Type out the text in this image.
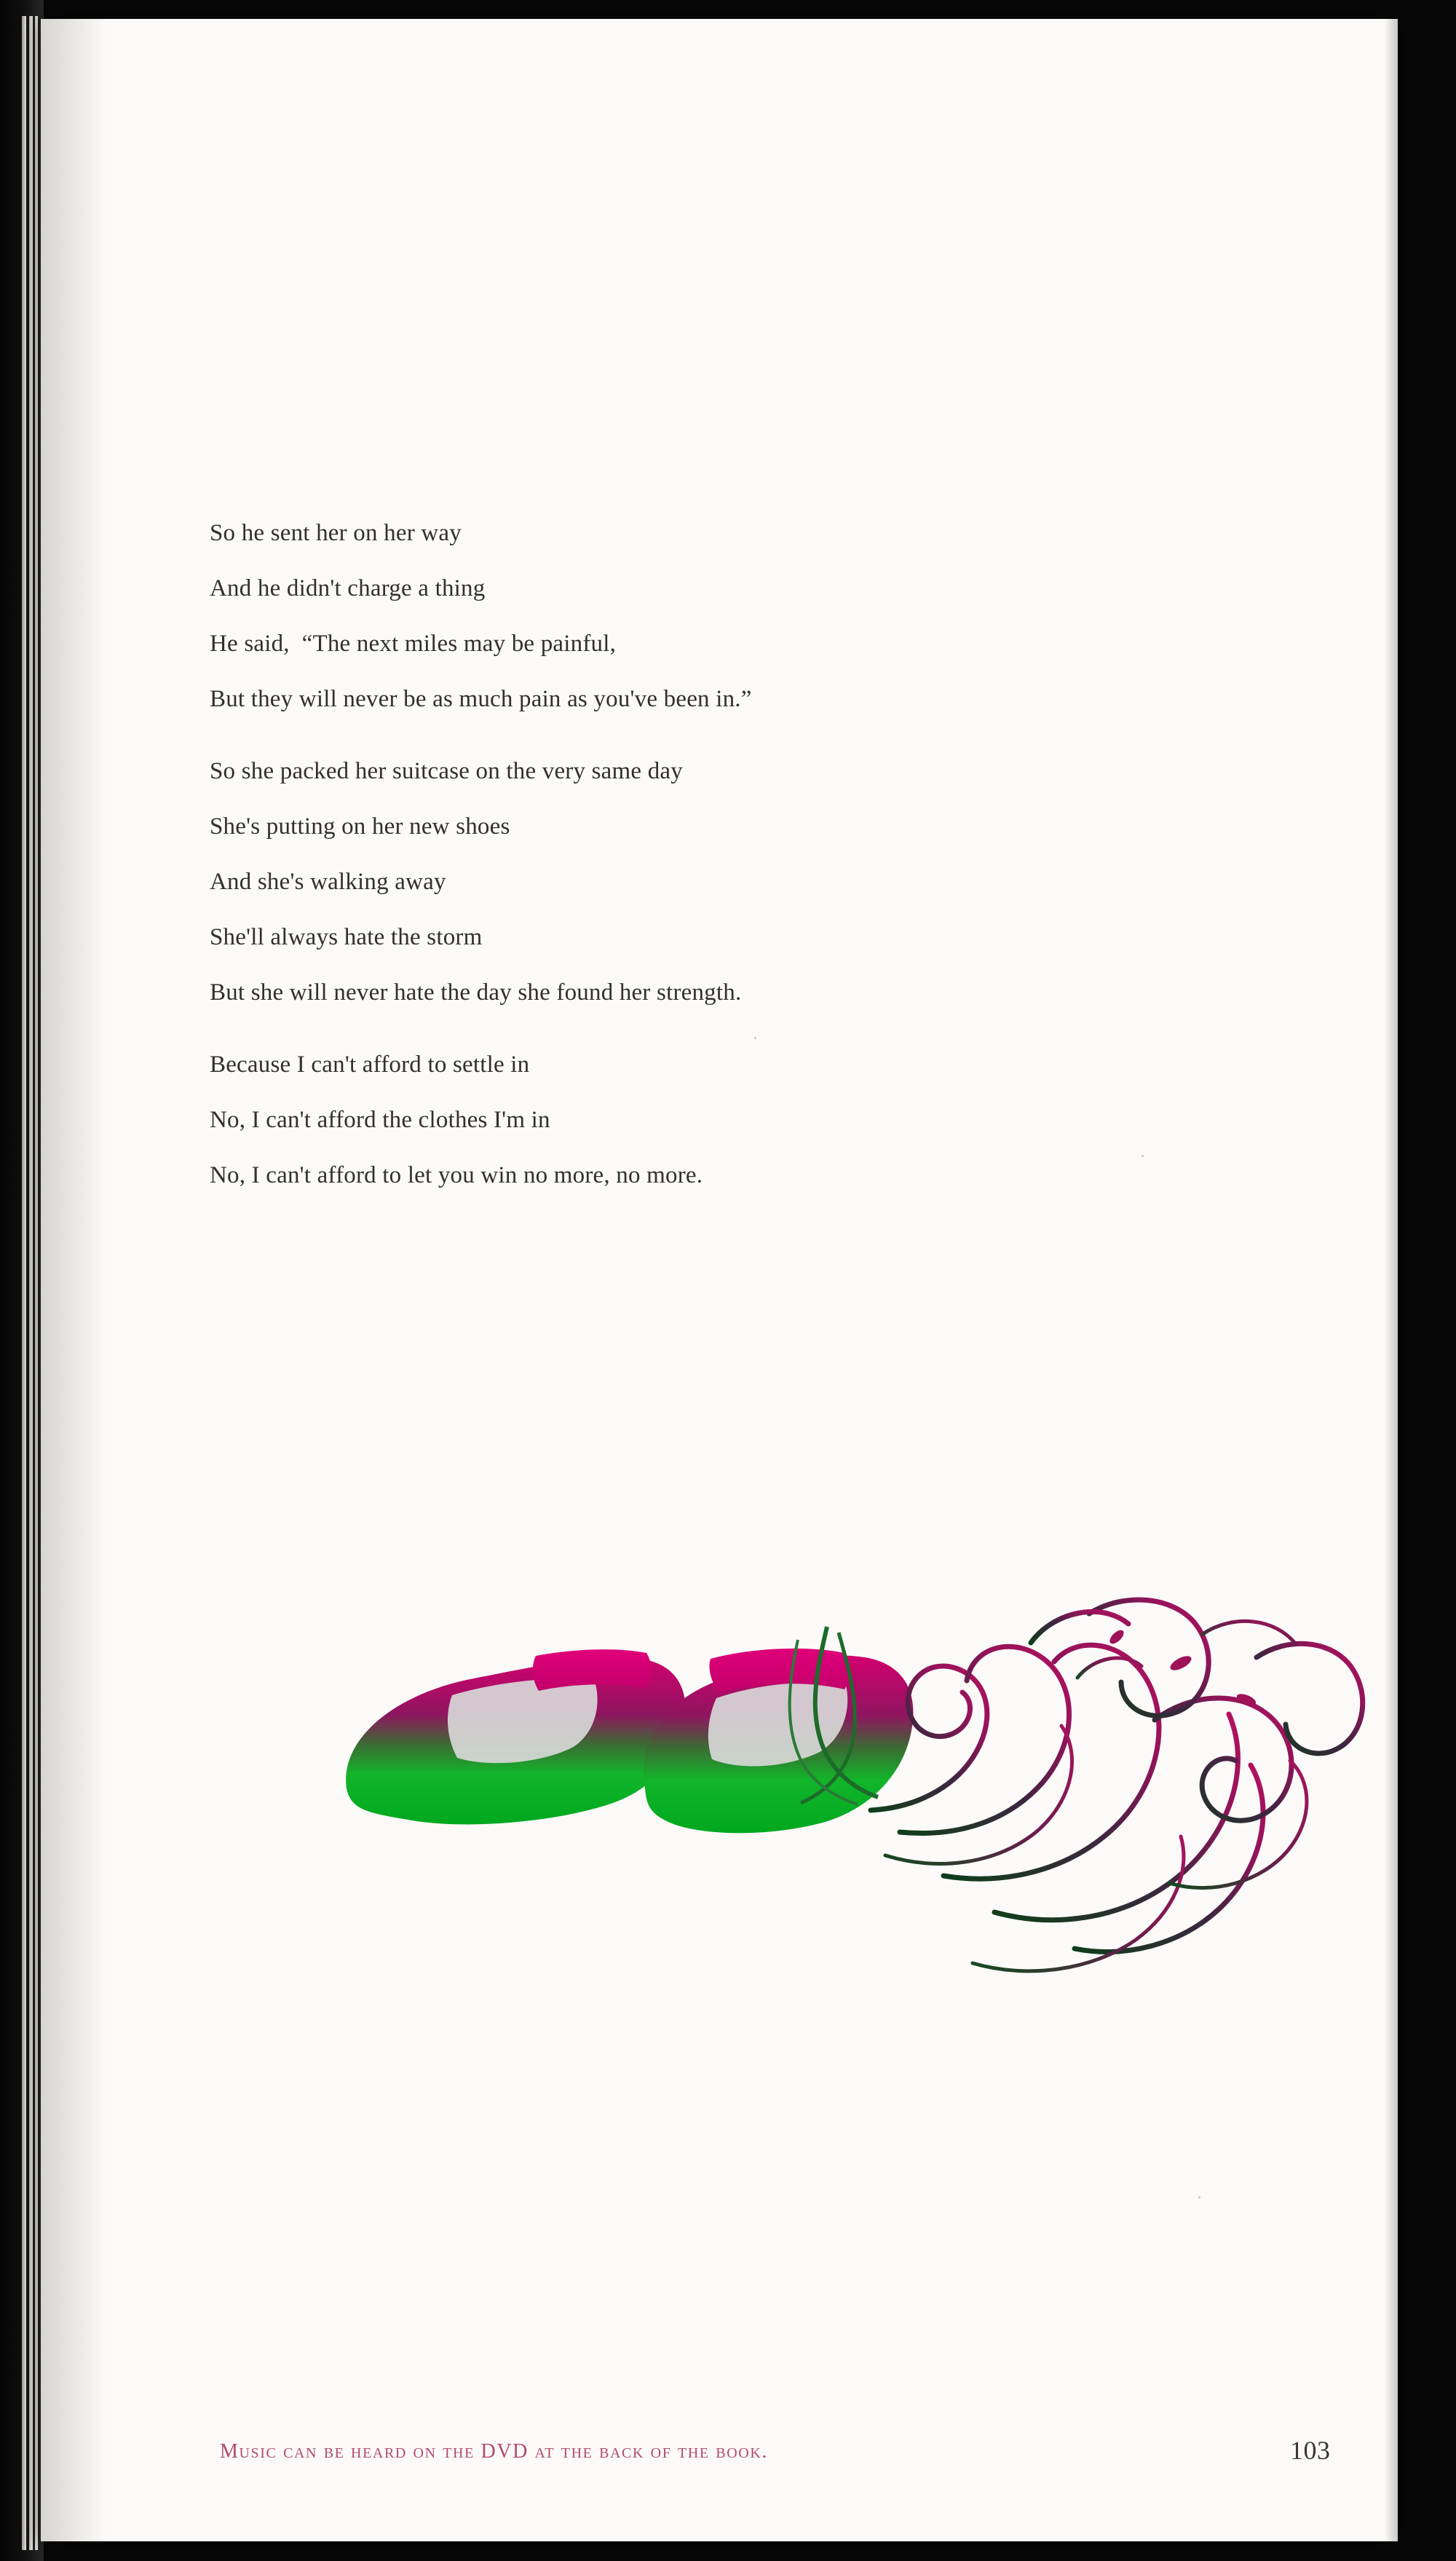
So he sent her on her way
And he didn't charge a thing
He said,  “The next miles may be painful,
But they will never be as much pain as you've been in.”
So she packed her suitcase on the very same day
She's putting on her new shoes
And she's walking away
She'll always hate the storm
But she will never hate the day she found her strength.
Because I can't afford to settle in
No, I can't afford the clothes I'm in
No, I can't afford to let you win no more, no more.
Music can be heard on the DVD at the back of the book.	103
